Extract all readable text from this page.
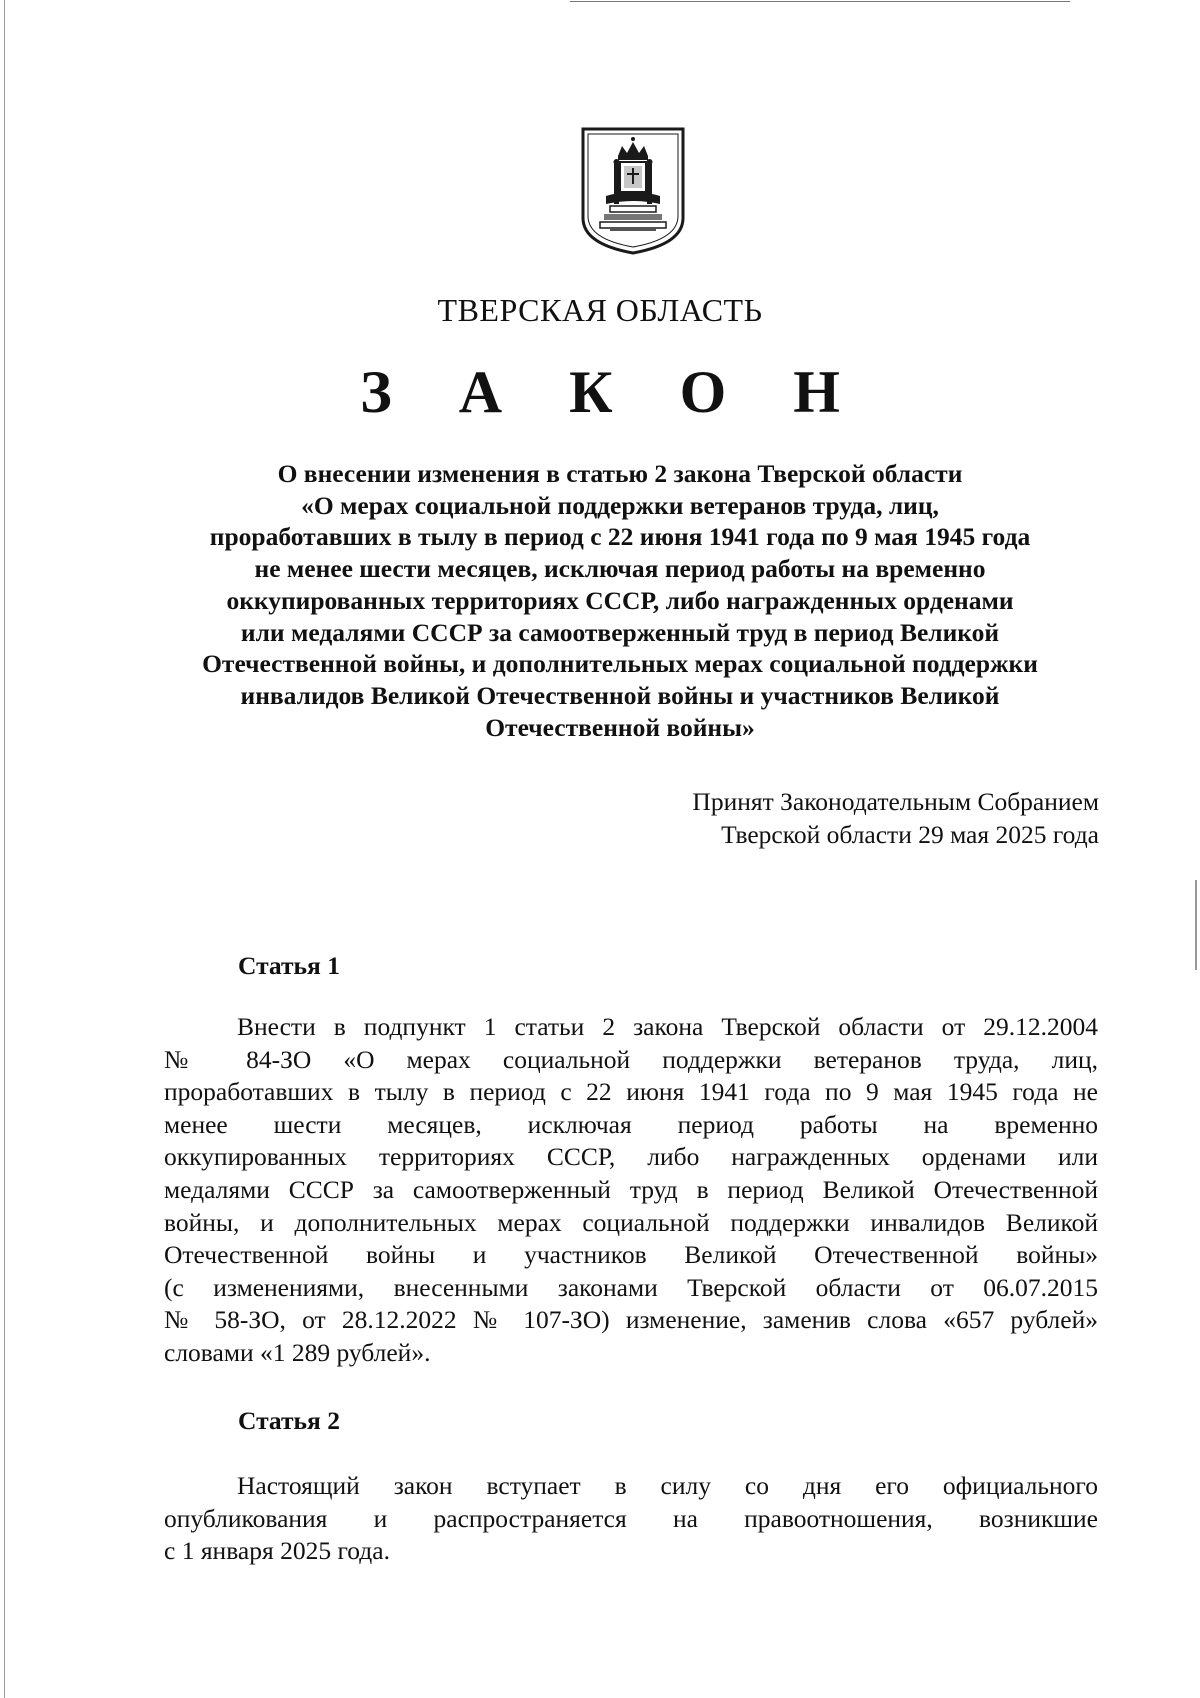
ТВЕРСКАЯ ОБЛАСТЬ
З А К О Н
О внесении изменения в статью 2 закона Тверской области
«О мерах социальной поддержки ветеранов труда, лиц,
проработавших в тылу в период с 22 июня 1941 года по 9 мая 1945 года
не менее шести месяцев, исключая период работы на временно
оккупированных территориях СССР, либо награжденных орденами
или медалями СССР за самоотверженный труд в период Великой
Отечественной войны, и дополнительных мерах социальной поддержки
инвалидов Великой Отечественной войны и участников Великой
Отечественной войны»
Принят Законодательным Собранием
Тверской области 29 мая 2025 года
Статья 1
Внести в подпункт 1 статьи 2 закона Тверской области от 29.12.2004
№ 84-ЗО «О мерах социальной поддержки ветеранов труда, лиц,
проработавших в тылу в период с 22 июня 1941 года по 9 мая 1945 года не
менее шести месяцев, исключая период работы на временно
оккупированных территориях СССР, либо награжденных орденами или
медалями СССР за самоотверженный труд в период Великой Отечественной
войны, и дополнительных мерах социальной поддержки инвалидов Великой
Отечественной войны и участников Великой Отечественной войны»
(с изменениями, внесенными законами Тверской области от 06.07.2015
№ 58-ЗО, от 28.12.2022 № 107-ЗО) изменение, заменив слова «657 рублей»
словами «1 289 рублей».
Статья 2
Настоящий закон вступает в силу со дня его официального
опубликования и распространяется на правоотношения, возникшие
с 1 января 2025 года.
